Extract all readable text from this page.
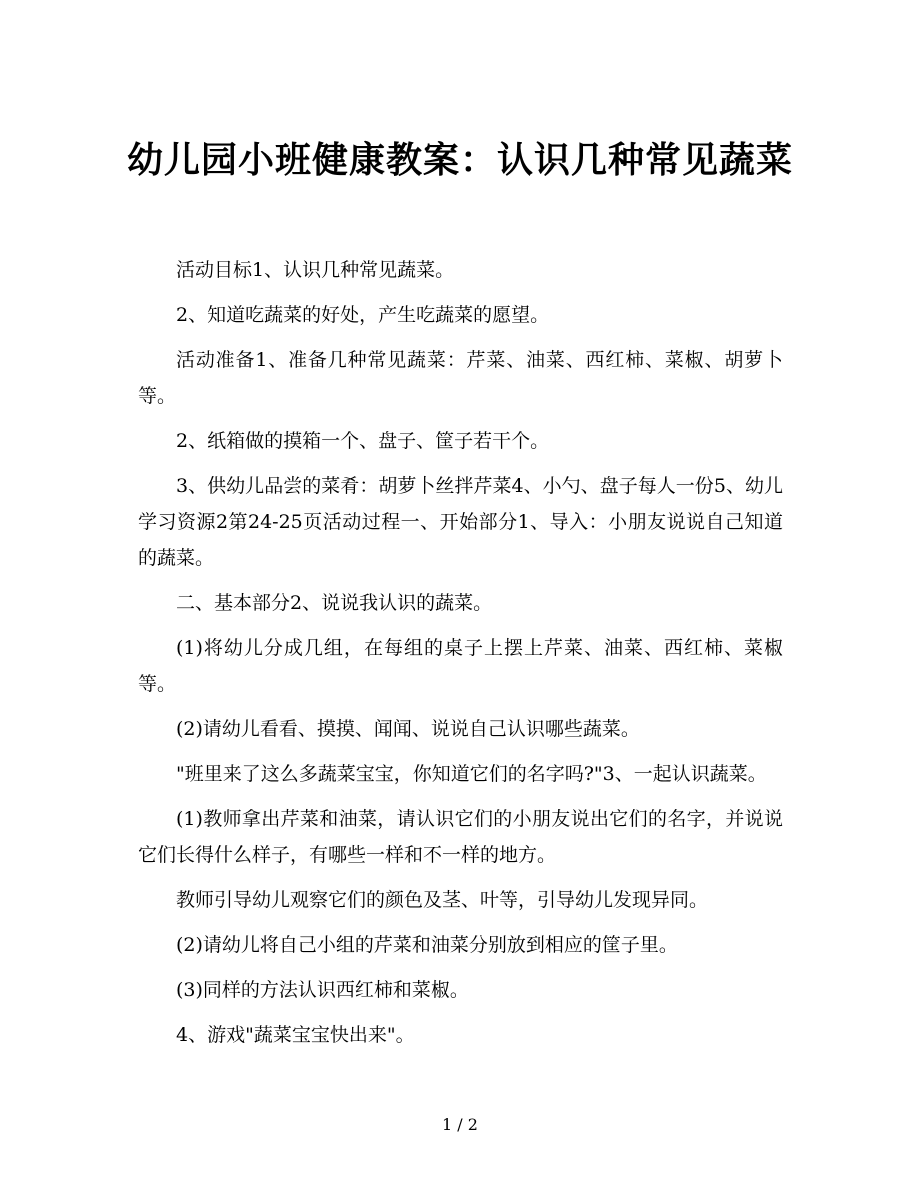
幼儿园小班健康教案：认识几种常见蔬菜

活动目标1、认识几种常见蔬菜。

2、知道吃蔬菜的好处，产生吃蔬菜的愿望。

活动准备1、准备几种常见蔬菜：芹菜、油菜、西红柿、菜椒、胡萝卜等。

2、纸箱做的摸箱一个、盘子、筐子若干个。

3、供幼儿品尝的菜肴：胡萝卜丝拌芹菜4、小勺、盘子每人一份5、幼儿学习资源2第24-25页活动过程一、开始部分1、导入：小朋友说说自己知道的蔬菜。

二、基本部分2、说说我认识的蔬菜。

(1)将幼儿分成几组，在每组的桌子上摆上芹菜、油菜、西红柿、菜椒等。

(2)请幼儿看看、摸摸、闻闻、说说自己认识哪些蔬菜。

"班里来了这么多蔬菜宝宝，你知道它们的名字吗?"3、一起认识蔬菜。

(1)教师拿出芹菜和油菜，请认识它们的小朋友说出它们的名字，并说说它们长得什么样子，有哪些一样和不一样的地方。

教师引导幼儿观察它们的颜色及茎、叶等，引导幼儿发现异同。

(2)请幼儿将自己小组的芹菜和油菜分别放到相应的筐子里。

(3)同样的方法认识西红柿和菜椒。

4、游戏"蔬菜宝宝快出来"。

1 / 2
